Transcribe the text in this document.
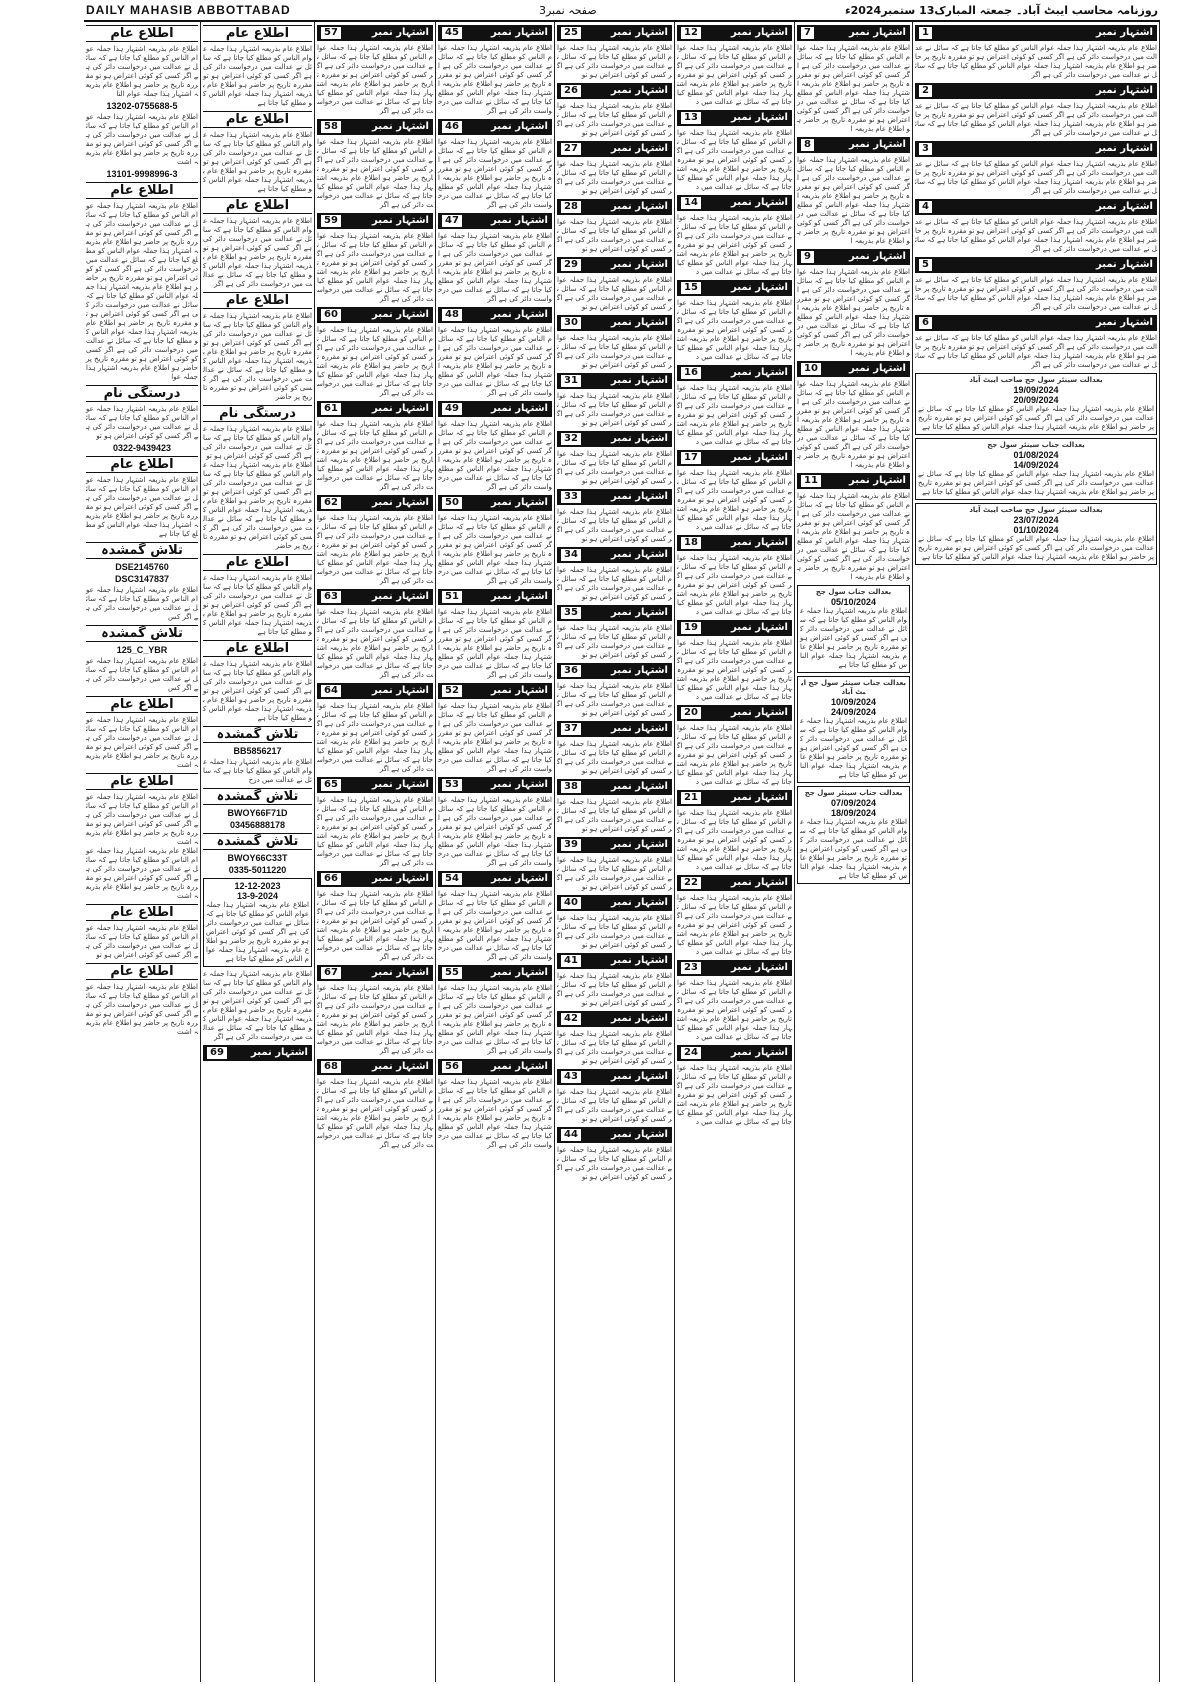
DAILY MAHASIB ABBOTTABAD	صفحہ نمبر3	روزنامہ محاسب ایبٹ آباد۔ جمعتہ المبارک13 ستمبر2024ء
اطلاع عام
اطلاع عام بذریعہ اشتہار ہذا جملہ عوام الناس کو مطلع کیا جاتا ہے کہ سائل نے عدالت میں درخواست دائر کی ہے اگر کسی کو کوئی اعتراض ہو تو مقررہ تاریخ پر حاضر ہو اطلاع عام بذریعہ اشتہار ہذا جملہ عوام النا
13202-0755688-5
اطلاع عام بذریعہ اشتہار ہذا جملہ عوام الناس کو مطلع کیا جاتا ہے کہ سائل نے عدالت میں درخواست دائر کی ہے اگر کسی کو کوئی اعتراض ہو تو مقررہ تاریخ پر حاضر ہو اطلاع عام بذریعہ اشت
13101-9998996-3
اطلاع عام
اطلاع عام بذریعہ اشتہار ہذا جملہ عوام الناس کو مطلع کیا جاتا ہے کہ سائل نے عدالت میں درخواست دائر کی ہے اگر کسی کو کوئی اعتراض ہو تو مقررہ تاریخ پر حاضر ہو اطلاع عام بذریعہ اشتہار ہذا جملہ عوام الناس کو مطلع کیا جاتا ہے کہ سائل نے عدالت میں درخواست دائر کی ہے اگر کسی کو کوئی اعتراض ہو تو مقررہ تاریخ پر حاضر ہو اطلاع عام بذریعہ اشتہار ہذا جملہ عوام الناس کو مطلع کیا جاتا ہے کہ سائل نے عدالت میں درخواست دائر کی ہے اگر کسی کو کوئی اعتراض ہو تو مقررہ تاریخ پر حاضر ہو اطلاع عام بذریعہ اشتہار ہذا جملہ عوام الناس کو مطلع کیا جاتا ہے کہ سائل نے عدالت میں درخواست دائر کی ہے اگر کسی کو کوئی اعتراض ہو تو مقررہ تاریخ پر حاضر ہو اطلاع عام بذریعہ اشتہار ہذا جملہ عوا
درستگی نام
اطلاع عام بذریعہ اشتہار ہذا جملہ عوام الناس کو مطلع کیا جاتا ہے کہ سائل نے عدالت میں درخواست دائر کی ہے اگر کسی کو کوئی اعتراض ہو تو
0322-9439423
اطلاع عام
اطلاع عام بذریعہ اشتہار ہذا جملہ عوام الناس کو مطلع کیا جاتا ہے کہ سائل نے عدالت میں درخواست دائر کی ہے اگر کسی کو کوئی اعتراض ہو تو مقررہ تاریخ پر حاضر ہو اطلاع عام بذریعہ اشتہار ہذا جملہ عوام الناس کو مطلع کیا جاتا ہے
تلاش گمشدہ
DSE2145760
DSC3147837
اطلاع عام بذریعہ اشتہار ہذا جملہ عوام الناس کو مطلع کیا جاتا ہے کہ سائل نے عدالت میں درخواست دائر کی ہے اگر کس
تلاش گمشدہ
125_C_YBR
اطلاع عام بذریعہ اشتہار ہذا جملہ عوام الناس کو مطلع کیا جاتا ہے کہ سائل نے عدالت میں درخواست دائر کی ہے اگر کس
اطلاع عام
اطلاع عام بذریعہ اشتہار ہذا جملہ عوام الناس کو مطلع کیا جاتا ہے کہ سائل نے عدالت میں درخواست دائر کی ہے اگر کسی کو کوئی اعتراض ہو تو مقررہ تاریخ پر حاضر ہو اطلاع عام بذریعہ اشت
اطلاع عام
اطلاع عام بذریعہ اشتہار ہذا جملہ عوام الناس کو مطلع کیا جاتا ہے کہ سائل نے عدالت میں درخواست دائر کی ہے اگر کسی کو کوئی اعتراض ہو تو مقررہ تاریخ پر حاضر ہو اطلاع عام بذریعہ اشت
اطلاع عام بذریعہ اشتہار ہذا جملہ عوام الناس کو مطلع کیا جاتا ہے کہ سائل نے عدالت میں درخواست دائر کی ہے اگر کسی کو کوئی اعتراض ہو تو مقررہ تاریخ پر حاضر ہو اطلاع عام بذریعہ اشت
اطلاع عام
اطلاع عام بذریعہ اشتہار ہذا جملہ عوام الناس کو مطلع کیا جاتا ہے کہ سائل نے عدالت میں درخواست دائر کی ہے اگر کسی کو کوئی اعتراض ہو تو
اطلاع عام
اطلاع عام بذریعہ اشتہار ہذا جملہ عوام الناس کو مطلع کیا جاتا ہے کہ سائل نے عدالت میں درخواست دائر کی ہے اگر کسی کو کوئی اعتراض ہو تو مقررہ تاریخ پر حاضر ہو اطلاع عام بذریعہ اشت
اطلاع عام
اطلاع عام بذریعہ اشتہار ہذا جملہ عوام الناس کو مطلع کیا جاتا ہے کہ سائل نے عدالت میں درخواست دائر کی ہے اگر کسی کو کوئی اعتراض ہو تو مقررہ تاریخ پر حاضر ہو اطلاع عام بذریعہ اشتہار ہذا جملہ عوام الناس کو مطلع کیا جاتا ہے
اطلاع عام
اطلاع عام بذریعہ اشتہار ہذا جملہ عوام الناس کو مطلع کیا جاتا ہے کہ سائل نے عدالت میں درخواست دائر کی ہے اگر کسی کو کوئی اعتراض ہو تو مقررہ تاریخ پر حاضر ہو اطلاع عام بذریعہ اشتہار ہذا جملہ عوام الناس کو مطلع کیا جاتا ہے
اطلاع عام
اطلاع عام بذریعہ اشتہار ہذا جملہ عوام الناس کو مطلع کیا جاتا ہے کہ سائل نے عدالت میں درخواست دائر کی ہے اگر کسی کو کوئی اعتراض ہو تو مقررہ تاریخ پر حاضر ہو اطلاع عام بذریعہ اشتہار ہذا جملہ عوام الناس کو مطلع کیا جاتا ہے کہ سائل نے عدالت میں درخواست دائر کی ہے اگر
اطلاع عام
اطلاع عام بذریعہ اشتہار ہذا جملہ عوام الناس کو مطلع کیا جاتا ہے کہ سائل نے عدالت میں درخواست دائر کی ہے اگر کسی کو کوئی اعتراض ہو تو مقررہ تاریخ پر حاضر ہو اطلاع عام بذریعہ اشتہار ہذا جملہ عوام الناس کو مطلع کیا جاتا ہے کہ سائل نے عدالت میں درخواست دائر کی ہے اگر کسی کو کوئی اعتراض ہو تو مقررہ تاریخ پر حاضر
درستگی نام
اطلاع عام بذریعہ اشتہار ہذا جملہ عوام الناس کو مطلع کیا جاتا ہے کہ سائل نے عدالت میں درخواست دائر کی ہے اگر کسی کو کوئی اعتراض ہو تو
اطلاع عام بذریعہ اشتہار ہذا جملہ عوام الناس کو مطلع کیا جاتا ہے کہ سائل نے عدالت میں درخواست دائر کی ہے اگر کسی کو کوئی اعتراض ہو تو مقررہ تاریخ پر حاضر ہو اطلاع عام بذریعہ اشتہار ہذا جملہ عوام الناس کو مطلع کیا جاتا ہے کہ سائل نے عدالت میں درخواست دائر کی ہے اگر کسی کو کوئی اعتراض ہو تو مقررہ تاریخ پر حاضر
اطلاع عام
اطلاع عام بذریعہ اشتہار ہذا جملہ عوام الناس کو مطلع کیا جاتا ہے کہ سائل نے عدالت میں درخواست دائر کی ہے اگر کسی کو کوئی اعتراض ہو تو مقررہ تاریخ پر حاضر ہو اطلاع عام بذریعہ اشتہار ہذا جملہ عوام الناس کو مطلع کیا جاتا ہے
اطلاع عام
اطلاع عام بذریعہ اشتہار ہذا جملہ عوام الناس کو مطلع کیا جاتا ہے کہ سائل نے عدالت میں درخواست دائر کی ہے اگر کسی کو کوئی اعتراض ہو تو مقررہ تاریخ پر حاضر ہو اطلاع عام بذریعہ اشتہار ہذا جملہ عوام الناس کو مطلع کیا جاتا ہے
تلاش گمشدہ
BB5856217
اطلاع عام بذریعہ اشتہار ہذا جملہ عوام الناس کو مطلع کیا جاتا ہے کہ سائل نے عدالت میں درخ
تلاش گمشدہ
BWOY66F71D
03456888178
تلاش گمشدہ
BWOY66C33T
0335-5011220
12-12-2023
13-9-2024
اطلاع عام بذریعہ اشتہار ہذا جملہ عوام الناس کو مطلع کیا جاتا ہے کہ سائل نے عدالت میں درخواست دائر کی ہے اگر کسی کو کوئی اعتراض ہو تو مقررہ تاریخ پر حاضر ہو اطلاع عام بذریعہ اشتہار ہذا جملہ عوام الناس کو مطلع کیا جاتا ہے
اطلاع عام بذریعہ اشتہار ہذا جملہ عوام الناس کو مطلع کیا جاتا ہے کہ سائل نے عدالت میں درخواست دائر کی ہے اگر کسی کو کوئی اعتراض ہو تو مقررہ تاریخ پر حاضر ہو اطلاع عام بذریعہ اشتہار ہذا جملہ عوام الناس کو مطلع کیا جاتا ہے کہ سائل نے عدالت میں درخواست دائر کی ہے اگر
اشتہار نمبر
69
اشتہار نمبر
57
اطلاع عام بذریعہ اشتہار ہذا جملہ عوام الناس کو مطلع کیا جاتا ہے کہ سائل نے عدالت میں درخواست دائر کی ہے اگر کسی کو کوئی اعتراض ہو تو مقررہ تاریخ پر حاضر ہو اطلاع عام بذریعہ اشتہار ہذا جملہ عوام الناس کو مطلع کیا جاتا ہے کہ سائل نے عدالت میں درخواست دائر کی ہے اگر
اشتہار نمبر
58
اطلاع عام بذریعہ اشتہار ہذا جملہ عوام الناس کو مطلع کیا جاتا ہے کہ سائل نے عدالت میں درخواست دائر کی ہے اگر کسی کو کوئی اعتراض ہو تو مقررہ تاریخ پر حاضر ہو اطلاع عام بذریعہ اشتہار ہذا جملہ عوام الناس کو مطلع کیا جاتا ہے کہ سائل نے عدالت میں درخواست دائر کی ہے اگر
اشتہار نمبر
59
اطلاع عام بذریعہ اشتہار ہذا جملہ عوام الناس کو مطلع کیا جاتا ہے کہ سائل نے عدالت میں درخواست دائر کی ہے اگر کسی کو کوئی اعتراض ہو تو مقررہ تاریخ پر حاضر ہو اطلاع عام بذریعہ اشتہار ہذا جملہ عوام الناس کو مطلع کیا جاتا ہے کہ سائل نے عدالت میں درخواست دائر کی ہے اگر
اشتہار نمبر
60
اطلاع عام بذریعہ اشتہار ہذا جملہ عوام الناس کو مطلع کیا جاتا ہے کہ سائل نے عدالت میں درخواست دائر کی ہے اگر کسی کو کوئی اعتراض ہو تو مقررہ تاریخ پر حاضر ہو اطلاع عام بذریعہ اشتہار ہذا جملہ عوام الناس کو مطلع کیا جاتا ہے کہ سائل نے عدالت میں درخواست دائر کی ہے اگر
اشتہار نمبر
61
اطلاع عام بذریعہ اشتہار ہذا جملہ عوام الناس کو مطلع کیا جاتا ہے کہ سائل نے عدالت میں درخواست دائر کی ہے اگر کسی کو کوئی اعتراض ہو تو مقررہ تاریخ پر حاضر ہو اطلاع عام بذریعہ اشتہار ہذا جملہ عوام الناس کو مطلع کیا جاتا ہے کہ سائل نے عدالت میں درخواست دائر کی ہے اگر
اشتہار نمبر
62
اطلاع عام بذریعہ اشتہار ہذا جملہ عوام الناس کو مطلع کیا جاتا ہے کہ سائل نے عدالت میں درخواست دائر کی ہے اگر کسی کو کوئی اعتراض ہو تو مقررہ تاریخ پر حاضر ہو اطلاع عام بذریعہ اشتہار ہذا جملہ عوام الناس کو مطلع کیا جاتا ہے کہ سائل نے عدالت میں درخواست دائر کی ہے اگر
اشتہار نمبر
63
اطلاع عام بذریعہ اشتہار ہذا جملہ عوام الناس کو مطلع کیا جاتا ہے کہ سائل نے عدالت میں درخواست دائر کی ہے اگر کسی کو کوئی اعتراض ہو تو مقررہ تاریخ پر حاضر ہو اطلاع عام بذریعہ اشتہار ہذا جملہ عوام الناس کو مطلع کیا جاتا ہے کہ سائل نے عدالت میں درخواست دائر کی ہے اگر
اشتہار نمبر
64
اطلاع عام بذریعہ اشتہار ہذا جملہ عوام الناس کو مطلع کیا جاتا ہے کہ سائل نے عدالت میں درخواست دائر کی ہے اگر کسی کو کوئی اعتراض ہو تو مقررہ تاریخ پر حاضر ہو اطلاع عام بذریعہ اشتہار ہذا جملہ عوام الناس کو مطلع کیا جاتا ہے کہ سائل نے عدالت میں درخواست دائر کی ہے اگر
اشتہار نمبر
65
اطلاع عام بذریعہ اشتہار ہذا جملہ عوام الناس کو مطلع کیا جاتا ہے کہ سائل نے عدالت میں درخواست دائر کی ہے اگر کسی کو کوئی اعتراض ہو تو مقررہ تاریخ پر حاضر ہو اطلاع عام بذریعہ اشتہار ہذا جملہ عوام الناس کو مطلع کیا جاتا ہے کہ سائل نے عدالت میں درخواست دائر کی ہے اگر
اشتہار نمبر
66
اطلاع عام بذریعہ اشتہار ہذا جملہ عوام الناس کو مطلع کیا جاتا ہے کہ سائل نے عدالت میں درخواست دائر کی ہے اگر کسی کو کوئی اعتراض ہو تو مقررہ تاریخ پر حاضر ہو اطلاع عام بذریعہ اشتہار ہذا جملہ عوام الناس کو مطلع کیا جاتا ہے کہ سائل نے عدالت میں درخواست دائر کی ہے اگر
اشتہار نمبر
67
اطلاع عام بذریعہ اشتہار ہذا جملہ عوام الناس کو مطلع کیا جاتا ہے کہ سائل نے عدالت میں درخواست دائر کی ہے اگر کسی کو کوئی اعتراض ہو تو مقررہ تاریخ پر حاضر ہو اطلاع عام بذریعہ اشتہار ہذا جملہ عوام الناس کو مطلع کیا جاتا ہے کہ سائل نے عدالت میں درخواست دائر کی ہے اگر
اشتہار نمبر
68
اطلاع عام بذریعہ اشتہار ہذا جملہ عوام الناس کو مطلع کیا جاتا ہے کہ سائل نے عدالت میں درخواست دائر کی ہے اگر کسی کو کوئی اعتراض ہو تو مقررہ تاریخ پر حاضر ہو اطلاع عام بذریعہ اشتہار ہذا جملہ عوام الناس کو مطلع کیا جاتا ہے کہ سائل نے عدالت میں درخواست دائر کی ہے اگر
اشتہار نمبر
45
اطلاع عام بذریعہ اشتہار ہذا جملہ عوام الناس کو مطلع کیا جاتا ہے کہ سائل نے عدالت میں درخواست دائر کی ہے اگر کسی کو کوئی اعتراض ہو تو مقررہ تاریخ پر حاضر ہو اطلاع عام بذریعہ اشتہار ہذا جملہ عوام الناس کو مطلع کیا جاتا ہے کہ سائل نے عدالت میں درخواست دائر کی ہے اگر
اشتہار نمبر
46
اطلاع عام بذریعہ اشتہار ہذا جملہ عوام الناس کو مطلع کیا جاتا ہے کہ سائل نے عدالت میں درخواست دائر کی ہے اگر کسی کو کوئی اعتراض ہو تو مقررہ تاریخ پر حاضر ہو اطلاع عام بذریعہ اشتہار ہذا جملہ عوام الناس کو مطلع کیا جاتا ہے کہ سائل نے عدالت میں درخواست دائر کی ہے اگر
اشتہار نمبر
47
اطلاع عام بذریعہ اشتہار ہذا جملہ عوام الناس کو مطلع کیا جاتا ہے کہ سائل نے عدالت میں درخواست دائر کی ہے اگر کسی کو کوئی اعتراض ہو تو مقررہ تاریخ پر حاضر ہو اطلاع عام بذریعہ اشتہار ہذا جملہ عوام الناس کو مطلع کیا جاتا ہے کہ سائل نے عدالت میں درخواست دائر کی ہے اگر
اشتہار نمبر
48
اطلاع عام بذریعہ اشتہار ہذا جملہ عوام الناس کو مطلع کیا جاتا ہے کہ سائل نے عدالت میں درخواست دائر کی ہے اگر کسی کو کوئی اعتراض ہو تو مقررہ تاریخ پر حاضر ہو اطلاع عام بذریعہ اشتہار ہذا جملہ عوام الناس کو مطلع کیا جاتا ہے کہ سائل نے عدالت میں درخواست دائر کی ہے اگر
اشتہار نمبر
49
اطلاع عام بذریعہ اشتہار ہذا جملہ عوام الناس کو مطلع کیا جاتا ہے کہ سائل نے عدالت میں درخواست دائر کی ہے اگر کسی کو کوئی اعتراض ہو تو مقررہ تاریخ پر حاضر ہو اطلاع عام بذریعہ اشتہار ہذا جملہ عوام الناس کو مطلع کیا جاتا ہے کہ سائل نے عدالت میں درخواست دائر کی ہے اگر
اشتہار نمبر
50
اطلاع عام بذریعہ اشتہار ہذا جملہ عوام الناس کو مطلع کیا جاتا ہے کہ سائل نے عدالت میں درخواست دائر کی ہے اگر کسی کو کوئی اعتراض ہو تو مقررہ تاریخ پر حاضر ہو اطلاع عام بذریعہ اشتہار ہذا جملہ عوام الناس کو مطلع کیا جاتا ہے کہ سائل نے عدالت میں درخواست دائر کی ہے اگر
اشتہار نمبر
51
اطلاع عام بذریعہ اشتہار ہذا جملہ عوام الناس کو مطلع کیا جاتا ہے کہ سائل نے عدالت میں درخواست دائر کی ہے اگر کسی کو کوئی اعتراض ہو تو مقررہ تاریخ پر حاضر ہو اطلاع عام بذریعہ اشتہار ہذا جملہ عوام الناس کو مطلع کیا جاتا ہے کہ سائل نے عدالت میں درخواست دائر کی ہے اگر
اشتہار نمبر
52
اطلاع عام بذریعہ اشتہار ہذا جملہ عوام الناس کو مطلع کیا جاتا ہے کہ سائل نے عدالت میں درخواست دائر کی ہے اگر کسی کو کوئی اعتراض ہو تو مقررہ تاریخ پر حاضر ہو اطلاع عام بذریعہ اشتہار ہذا جملہ عوام الناس کو مطلع کیا جاتا ہے کہ سائل نے عدالت میں درخواست دائر کی ہے اگر
اشتہار نمبر
53
اطلاع عام بذریعہ اشتہار ہذا جملہ عوام الناس کو مطلع کیا جاتا ہے کہ سائل نے عدالت میں درخواست دائر کی ہے اگر کسی کو کوئی اعتراض ہو تو مقررہ تاریخ پر حاضر ہو اطلاع عام بذریعہ اشتہار ہذا جملہ عوام الناس کو مطلع کیا جاتا ہے کہ سائل نے عدالت میں درخواست دائر کی ہے اگر
اشتہار نمبر
54
اطلاع عام بذریعہ اشتہار ہذا جملہ عوام الناس کو مطلع کیا جاتا ہے کہ سائل نے عدالت میں درخواست دائر کی ہے اگر کسی کو کوئی اعتراض ہو تو مقررہ تاریخ پر حاضر ہو اطلاع عام بذریعہ اشتہار ہذا جملہ عوام الناس کو مطلع کیا جاتا ہے کہ سائل نے عدالت میں درخواست دائر کی ہے اگر
اشتہار نمبر
55
اطلاع عام بذریعہ اشتہار ہذا جملہ عوام الناس کو مطلع کیا جاتا ہے کہ سائل نے عدالت میں درخواست دائر کی ہے اگر کسی کو کوئی اعتراض ہو تو مقررہ تاریخ پر حاضر ہو اطلاع عام بذریعہ اشتہار ہذا جملہ عوام الناس کو مطلع کیا جاتا ہے کہ سائل نے عدالت میں درخواست دائر کی ہے اگر
اشتہار نمبر
56
اطلاع عام بذریعہ اشتہار ہذا جملہ عوام الناس کو مطلع کیا جاتا ہے کہ سائل نے عدالت میں درخواست دائر کی ہے اگر کسی کو کوئی اعتراض ہو تو مقررہ تاریخ پر حاضر ہو اطلاع عام بذریعہ اشتہار ہذا جملہ عوام الناس کو مطلع کیا جاتا ہے کہ سائل نے عدالت میں درخواست دائر کی ہے اگر
اشتہار نمبر
25
اطلاع عام بذریعہ اشتہار ہذا جملہ عوام الناس کو مطلع کیا جاتا ہے کہ سائل نے عدالت میں درخواست دائر کی ہے اگر کسی کو کوئی اعتراض ہو تو
اشتہار نمبر
26
اطلاع عام بذریعہ اشتہار ہذا جملہ عوام الناس کو مطلع کیا جاتا ہے کہ سائل نے عدالت میں درخواست دائر کی ہے اگر کسی کو کوئی اعتراض ہو تو
اشتہار نمبر
27
اطلاع عام بذریعہ اشتہار ہذا جملہ عوام الناس کو مطلع کیا جاتا ہے کہ سائل نے عدالت میں درخواست دائر کی ہے اگر کسی کو کوئی اعتراض ہو تو
اشتہار نمبر
28
اطلاع عام بذریعہ اشتہار ہذا جملہ عوام الناس کو مطلع کیا جاتا ہے کہ سائل نے عدالت میں درخواست دائر کی ہے اگر کسی کو کوئی اعتراض ہو تو
اشتہار نمبر
29
اطلاع عام بذریعہ اشتہار ہذا جملہ عوام الناس کو مطلع کیا جاتا ہے کہ سائل نے عدالت میں درخواست دائر کی ہے اگر کسی کو کوئی اعتراض ہو تو
اشتہار نمبر
30
اطلاع عام بذریعہ اشتہار ہذا جملہ عوام الناس کو مطلع کیا جاتا ہے کہ سائل نے عدالت میں درخواست دائر کی ہے اگر کسی کو کوئی اعتراض ہو تو
اشتہار نمبر
31
اطلاع عام بذریعہ اشتہار ہذا جملہ عوام الناس کو مطلع کیا جاتا ہے کہ سائل نے عدالت میں درخواست دائر کی ہے اگر کسی کو کوئی اعتراض ہو تو
اشتہار نمبر
32
اطلاع عام بذریعہ اشتہار ہذا جملہ عوام الناس کو مطلع کیا جاتا ہے کہ سائل نے عدالت میں درخواست دائر کی ہے اگر کسی کو کوئی اعتراض ہو تو
اشتہار نمبر
33
اطلاع عام بذریعہ اشتہار ہذا جملہ عوام الناس کو مطلع کیا جاتا ہے کہ سائل نے عدالت میں درخواست دائر کی ہے اگر کسی کو کوئی اعتراض ہو تو
اشتہار نمبر
34
اطلاع عام بذریعہ اشتہار ہذا جملہ عوام الناس کو مطلع کیا جاتا ہے کہ سائل نے عدالت میں درخواست دائر کی ہے اگر کسی کو کوئی اعتراض ہو تو
اشتہار نمبر
35
اطلاع عام بذریعہ اشتہار ہذا جملہ عوام الناس کو مطلع کیا جاتا ہے کہ سائل نے عدالت میں درخواست دائر کی ہے اگر کسی کو کوئی اعتراض ہو تو
اشتہار نمبر
36
اطلاع عام بذریعہ اشتہار ہذا جملہ عوام الناس کو مطلع کیا جاتا ہے کہ سائل نے عدالت میں درخواست دائر کی ہے اگر کسی کو کوئی اعتراض ہو تو
اشتہار نمبر
37
اطلاع عام بذریعہ اشتہار ہذا جملہ عوام الناس کو مطلع کیا جاتا ہے کہ سائل نے عدالت میں درخواست دائر کی ہے اگر کسی کو کوئی اعتراض ہو تو
اشتہار نمبر
38
اطلاع عام بذریعہ اشتہار ہذا جملہ عوام الناس کو مطلع کیا جاتا ہے کہ سائل نے عدالت میں درخواست دائر کی ہے اگر کسی کو کوئی اعتراض ہو تو
اشتہار نمبر
39
اطلاع عام بذریعہ اشتہار ہذا جملہ عوام الناس کو مطلع کیا جاتا ہے کہ سائل نے عدالت میں درخواست دائر کی ہے اگر کسی کو کوئی اعتراض ہو تو
اشتہار نمبر
40
اطلاع عام بذریعہ اشتہار ہذا جملہ عوام الناس کو مطلع کیا جاتا ہے کہ سائل نے عدالت میں درخواست دائر کی ہے اگر کسی کو کوئی اعتراض ہو تو
اشتہار نمبر
41
اطلاع عام بذریعہ اشتہار ہذا جملہ عوام الناس کو مطلع کیا جاتا ہے کہ سائل نے عدالت میں درخواست دائر کی ہے اگر کسی کو کوئی اعتراض ہو تو
اشتہار نمبر
42
اطلاع عام بذریعہ اشتہار ہذا جملہ عوام الناس کو مطلع کیا جاتا ہے کہ سائل نے عدالت میں درخواست دائر کی ہے اگر کسی کو کوئی اعتراض ہو تو
اشتہار نمبر
43
اطلاع عام بذریعہ اشتہار ہذا جملہ عوام الناس کو مطلع کیا جاتا ہے کہ سائل نے عدالت میں درخواست دائر کی ہے اگر کسی کو کوئی اعتراض ہو تو
اشتہار نمبر
44
اطلاع عام بذریعہ اشتہار ہذا جملہ عوام الناس کو مطلع کیا جاتا ہے کہ سائل نے عدالت میں درخواست دائر کی ہے اگر کسی کو کوئی اعتراض ہو تو
اشتہار نمبر
12
اطلاع عام بذریعہ اشتہار ہذا جملہ عوام الناس کو مطلع کیا جاتا ہے کہ سائل نے عدالت میں درخواست دائر کی ہے اگر کسی کو کوئی اعتراض ہو تو مقررہ تاریخ پر حاضر ہو اطلاع عام بذریعہ اشتہار ہذا جملہ عوام الناس کو مطلع کیا جاتا ہے کہ سائل نے عدالت میں د
اشتہار نمبر
13
اطلاع عام بذریعہ اشتہار ہذا جملہ عوام الناس کو مطلع کیا جاتا ہے کہ سائل نے عدالت میں درخواست دائر کی ہے اگر کسی کو کوئی اعتراض ہو تو مقررہ تاریخ پر حاضر ہو اطلاع عام بذریعہ اشتہار ہذا جملہ عوام الناس کو مطلع کیا جاتا ہے کہ سائل نے عدالت میں د
اشتہار نمبر
14
اطلاع عام بذریعہ اشتہار ہذا جملہ عوام الناس کو مطلع کیا جاتا ہے کہ سائل نے عدالت میں درخواست دائر کی ہے اگر کسی کو کوئی اعتراض ہو تو مقررہ تاریخ پر حاضر ہو اطلاع عام بذریعہ اشتہار ہذا جملہ عوام الناس کو مطلع کیا جاتا ہے کہ سائل نے عدالت میں د
اشتہار نمبر
15
اطلاع عام بذریعہ اشتہار ہذا جملہ عوام الناس کو مطلع کیا جاتا ہے کہ سائل نے عدالت میں درخواست دائر کی ہے اگر کسی کو کوئی اعتراض ہو تو مقررہ تاریخ پر حاضر ہو اطلاع عام بذریعہ اشتہار ہذا جملہ عوام الناس کو مطلع کیا جاتا ہے کہ سائل نے عدالت میں د
اشتہار نمبر
16
اطلاع عام بذریعہ اشتہار ہذا جملہ عوام الناس کو مطلع کیا جاتا ہے کہ سائل نے عدالت میں درخواست دائر کی ہے اگر کسی کو کوئی اعتراض ہو تو مقررہ تاریخ پر حاضر ہو اطلاع عام بذریعہ اشتہار ہذا جملہ عوام الناس کو مطلع کیا جاتا ہے کہ سائل نے عدالت میں د
اشتہار نمبر
17
اطلاع عام بذریعہ اشتہار ہذا جملہ عوام الناس کو مطلع کیا جاتا ہے کہ سائل نے عدالت میں درخواست دائر کی ہے اگر کسی کو کوئی اعتراض ہو تو مقررہ تاریخ پر حاضر ہو اطلاع عام بذریعہ اشتہار ہذا جملہ عوام الناس کو مطلع کیا جاتا ہے کہ سائل نے عدالت میں د
اشتہار نمبر
18
اطلاع عام بذریعہ اشتہار ہذا جملہ عوام الناس کو مطلع کیا جاتا ہے کہ سائل نے عدالت میں درخواست دائر کی ہے اگر کسی کو کوئی اعتراض ہو تو مقررہ تاریخ پر حاضر ہو اطلاع عام بذریعہ اشتہار ہذا جملہ عوام الناس کو مطلع کیا جاتا ہے کہ سائل نے عدالت میں د
اشتہار نمبر
19
اطلاع عام بذریعہ اشتہار ہذا جملہ عوام الناس کو مطلع کیا جاتا ہے کہ سائل نے عدالت میں درخواست دائر کی ہے اگر کسی کو کوئی اعتراض ہو تو مقررہ تاریخ پر حاضر ہو اطلاع عام بذریعہ اشتہار ہذا جملہ عوام الناس کو مطلع کیا جاتا ہے کہ سائل نے عدالت میں د
اشتہار نمبر
20
اطلاع عام بذریعہ اشتہار ہذا جملہ عوام الناس کو مطلع کیا جاتا ہے کہ سائل نے عدالت میں درخواست دائر کی ہے اگر کسی کو کوئی اعتراض ہو تو مقررہ تاریخ پر حاضر ہو اطلاع عام بذریعہ اشتہار ہذا جملہ عوام الناس کو مطلع کیا جاتا ہے کہ سائل نے عدالت میں د
اشتہار نمبر
21
اطلاع عام بذریعہ اشتہار ہذا جملہ عوام الناس کو مطلع کیا جاتا ہے کہ سائل نے عدالت میں درخواست دائر کی ہے اگر کسی کو کوئی اعتراض ہو تو مقررہ تاریخ پر حاضر ہو اطلاع عام بذریعہ اشتہار ہذا جملہ عوام الناس کو مطلع کیا جاتا ہے کہ سائل نے عدالت میں د
اشتہار نمبر
22
اطلاع عام بذریعہ اشتہار ہذا جملہ عوام الناس کو مطلع کیا جاتا ہے کہ سائل نے عدالت میں درخواست دائر کی ہے اگر کسی کو کوئی اعتراض ہو تو مقررہ تاریخ پر حاضر ہو اطلاع عام بذریعہ اشتہار ہذا جملہ عوام الناس کو مطلع کیا جاتا ہے کہ سائل نے عدالت میں د
اشتہار نمبر
23
اطلاع عام بذریعہ اشتہار ہذا جملہ عوام الناس کو مطلع کیا جاتا ہے کہ سائل نے عدالت میں درخواست دائر کی ہے اگر کسی کو کوئی اعتراض ہو تو مقررہ تاریخ پر حاضر ہو اطلاع عام بذریعہ اشتہار ہذا جملہ عوام الناس کو مطلع کیا جاتا ہے کہ سائل نے عدالت میں د
اشتہار نمبر
24
اطلاع عام بذریعہ اشتہار ہذا جملہ عوام الناس کو مطلع کیا جاتا ہے کہ سائل نے عدالت میں درخواست دائر کی ہے اگر کسی کو کوئی اعتراض ہو تو مقررہ تاریخ پر حاضر ہو اطلاع عام بذریعہ اشتہار ہذا جملہ عوام الناس کو مطلع کیا جاتا ہے کہ سائل نے عدالت میں د
اشتہار نمبر
7
اطلاع عام بذریعہ اشتہار ہذا جملہ عوام الناس کو مطلع کیا جاتا ہے کہ سائل نے عدالت میں درخواست دائر کی ہے اگر کسی کو کوئی اعتراض ہو تو مقررہ تاریخ پر حاضر ہو اطلاع عام بذریعہ اشتہار ہذا جملہ عوام الناس کو مطلع کیا جاتا ہے کہ سائل نے عدالت میں درخواست دائر کی ہے اگر کسی کو کوئی اعتراض ہو تو مقررہ تاریخ پر حاضر ہو اطلاع عام بذریعہ ا
اشتہار نمبر
8
اطلاع عام بذریعہ اشتہار ہذا جملہ عوام الناس کو مطلع کیا جاتا ہے کہ سائل نے عدالت میں درخواست دائر کی ہے اگر کسی کو کوئی اعتراض ہو تو مقررہ تاریخ پر حاضر ہو اطلاع عام بذریعہ اشتہار ہذا جملہ عوام الناس کو مطلع کیا جاتا ہے کہ سائل نے عدالت میں درخواست دائر کی ہے اگر کسی کو کوئی اعتراض ہو تو مقررہ تاریخ پر حاضر ہو اطلاع عام بذریعہ ا
اشتہار نمبر
9
اطلاع عام بذریعہ اشتہار ہذا جملہ عوام الناس کو مطلع کیا جاتا ہے کہ سائل نے عدالت میں درخواست دائر کی ہے اگر کسی کو کوئی اعتراض ہو تو مقررہ تاریخ پر حاضر ہو اطلاع عام بذریعہ اشتہار ہذا جملہ عوام الناس کو مطلع کیا جاتا ہے کہ سائل نے عدالت میں درخواست دائر کی ہے اگر کسی کو کوئی اعتراض ہو تو مقررہ تاریخ پر حاضر ہو اطلاع عام بذریعہ ا
اشتہار نمبر
10
اطلاع عام بذریعہ اشتہار ہذا جملہ عوام الناس کو مطلع کیا جاتا ہے کہ سائل نے عدالت میں درخواست دائر کی ہے اگر کسی کو کوئی اعتراض ہو تو مقررہ تاریخ پر حاضر ہو اطلاع عام بذریعہ اشتہار ہذا جملہ عوام الناس کو مطلع کیا جاتا ہے کہ سائل نے عدالت میں درخواست دائر کی ہے اگر کسی کو کوئی اعتراض ہو تو مقررہ تاریخ پر حاضر ہو اطلاع عام بذریعہ ا
اشتہار نمبر
11
اطلاع عام بذریعہ اشتہار ہذا جملہ عوام الناس کو مطلع کیا جاتا ہے کہ سائل نے عدالت میں درخواست دائر کی ہے اگر کسی کو کوئی اعتراض ہو تو مقررہ تاریخ پر حاضر ہو اطلاع عام بذریعہ اشتہار ہذا جملہ عوام الناس کو مطلع کیا جاتا ہے کہ سائل نے عدالت میں درخواست دائر کی ہے اگر کسی کو کوئی اعتراض ہو تو مقررہ تاریخ پر حاضر ہو اطلاع عام بذریعہ ا
بعدالت جناب سول جج
05/10/2024
اطلاع عام بذریعہ اشتہار ہذا جملہ عوام الناس کو مطلع کیا جاتا ہے کہ سائل نے عدالت میں درخواست دائر کی ہے اگر کسی کو کوئی اعتراض ہو تو مقررہ تاریخ پر حاضر ہو اطلاع عام بذریعہ اشتہار ہذا جملہ عوام الناس کو مطلع کیا جاتا ہے
بعدالت جناب سینئر سول جج ایبٹ آباد
10/09/2024
24/09/2024
اطلاع عام بذریعہ اشتہار ہذا جملہ عوام الناس کو مطلع کیا جاتا ہے کہ سائل نے عدالت میں درخواست دائر کی ہے اگر کسی کو کوئی اعتراض ہو تو مقررہ تاریخ پر حاضر ہو اطلاع عام بذریعہ اشتہار ہذا جملہ عوام الناس کو مطلع کیا جاتا ہے
بعدالت جناب سینئر سول جج
07/09/2024
18/09/2024
اطلاع عام بذریعہ اشتہار ہذا جملہ عوام الناس کو مطلع کیا جاتا ہے کہ سائل نے عدالت میں درخواست دائر کی ہے اگر کسی کو کوئی اعتراض ہو تو مقررہ تاریخ پر حاضر ہو اطلاع عام بذریعہ اشتہار ہذا جملہ عوام الناس کو مطلع کیا جاتا ہے
اشتہار نمبر
1
اطلاع عام بذریعہ اشتہار ہذا جملہ عوام الناس کو مطلع کیا جاتا ہے کہ سائل نے عدالت میں درخواست دائر کی ہے اگر کسی کو کوئی اعتراض ہو تو مقررہ تاریخ پر حاضر ہو اطلاع عام بذریعہ اشتہار ہذا جملہ عوام الناس کو مطلع کیا جاتا ہے کہ سائل نے عدالت میں درخواست دائر کی ہے اگر
اشتہار نمبر
2
اطلاع عام بذریعہ اشتہار ہذا جملہ عوام الناس کو مطلع کیا جاتا ہے کہ سائل نے عدالت میں درخواست دائر کی ہے اگر کسی کو کوئی اعتراض ہو تو مقررہ تاریخ پر حاضر ہو اطلاع عام بذریعہ اشتہار ہذا جملہ عوام الناس کو مطلع کیا جاتا ہے کہ سائل نے عدالت میں درخواست دائر کی ہے اگر
اشتہار نمبر
3
اطلاع عام بذریعہ اشتہار ہذا جملہ عوام الناس کو مطلع کیا جاتا ہے کہ سائل نے عدالت میں درخواست دائر کی ہے اگر کسی کو کوئی اعتراض ہو تو مقررہ تاریخ پر حاضر ہو اطلاع عام بذریعہ اشتہار ہذا جملہ عوام الناس کو مطلع کیا جاتا ہے کہ سائل نے عدالت میں درخواست دائر کی ہے اگر
اشتہار نمبر
4
اطلاع عام بذریعہ اشتہار ہذا جملہ عوام الناس کو مطلع کیا جاتا ہے کہ سائل نے عدالت میں درخواست دائر کی ہے اگر کسی کو کوئی اعتراض ہو تو مقررہ تاریخ پر حاضر ہو اطلاع عام بذریعہ اشتہار ہذا جملہ عوام الناس کو مطلع کیا جاتا ہے کہ سائل نے عدالت میں درخواست دائر کی ہے اگر
اشتہار نمبر
5
اطلاع عام بذریعہ اشتہار ہذا جملہ عوام الناس کو مطلع کیا جاتا ہے کہ سائل نے عدالت میں درخواست دائر کی ہے اگر کسی کو کوئی اعتراض ہو تو مقررہ تاریخ پر حاضر ہو اطلاع عام بذریعہ اشتہار ہذا جملہ عوام الناس کو مطلع کیا جاتا ہے کہ سائل نے عدالت میں درخواست دائر کی ہے اگر
اشتہار نمبر
6
اطلاع عام بذریعہ اشتہار ہذا جملہ عوام الناس کو مطلع کیا جاتا ہے کہ سائل نے عدالت میں درخواست دائر کی ہے اگر کسی کو کوئی اعتراض ہو تو مقررہ تاریخ پر حاضر ہو اطلاع عام بذریعہ اشتہار ہذا جملہ عوام الناس کو مطلع کیا جاتا ہے کہ سائل نے عدالت میں درخواست دائر کی ہے اگر
بعدالت سینئر سول جج صاحب ایبٹ آباد
19/09/2024
20/09/2024
اطلاع عام بذریعہ اشتہار ہذا جملہ عوام الناس کو مطلع کیا جاتا ہے کہ سائل نے عدالت میں درخواست دائر کی ہے اگر کسی کو کوئی اعتراض ہو تو مقررہ تاریخ پر حاضر ہو اطلاع عام بذریعہ اشتہار ہذا جملہ عوام الناس کو مطلع کیا جاتا ہے
بعدالت جناب سینئر سول جج
01/08/2024
14/09/2024
اطلاع عام بذریعہ اشتہار ہذا جملہ عوام الناس کو مطلع کیا جاتا ہے کہ سائل نے عدالت میں درخواست دائر کی ہے اگر کسی کو کوئی اعتراض ہو تو مقررہ تاریخ پر حاضر ہو اطلاع عام بذریعہ اشتہار ہذا جملہ عوام الناس کو مطلع کیا جاتا ہے
بعدالت سینئر سول جج صاحب ایبٹ آباد
23/07/2024
01/10/2024
اطلاع عام بذریعہ اشتہار ہذا جملہ عوام الناس کو مطلع کیا جاتا ہے کہ سائل نے عدالت میں درخواست دائر کی ہے اگر کسی کو کوئی اعتراض ہو تو مقررہ تاریخ پر حاضر ہو اطلاع عام بذریعہ اشتہار ہذا جملہ عوام الناس کو مطلع کیا جاتا ہے
